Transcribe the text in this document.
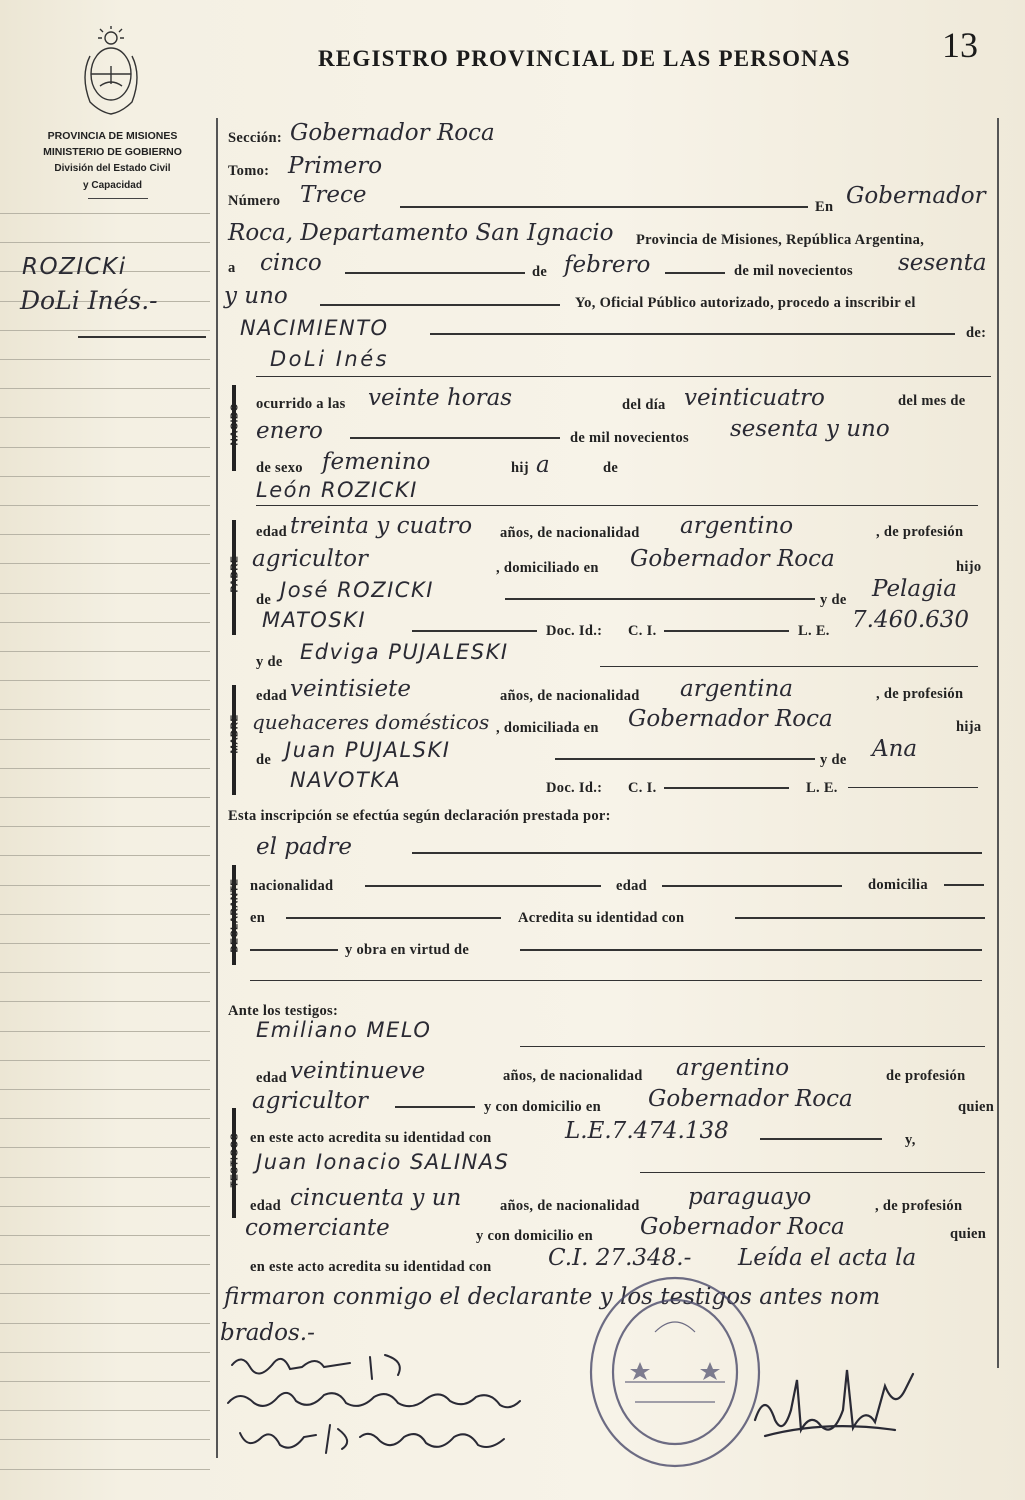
REGISTRO PROVINCIAL DE LAS PERSONAS	13
PROVINCIA DE MISIONES
MINISTERIO DE GOBIERNO
División del Estado Civil
y Capacidad
ROZICKi
DoLi Inés.-
Sección: Gobernador Roca
Tomo: Primero
Número Trece	En Gobernador
Roca, Departamento San Ignacio Provincia de Misiones, República Argentina,
a cinco	de febrero	de mil novecientos sesenta
y uno	Yo, Oficial Público autorizado, procedo a inscribir el
NACIMIENTO	de:
NACIDO
DoLi Inés
ocurrido a las veinte horas	del día veinticuatro	del mes de
enero	de mil novecientos sesenta y uno
de sexo femenino	hij a	de
PADRE
León ROZICKI
edad treinta y cuatro años, de nacionalidad argentino	, de profesión
agricultor	, domiciliado en Gobernador Roca	hijo
de José ROZICKI	y de Pelagia
MATOSKI	Doc. Id.: C. I.	L. E. 7.460.630
MADRE
y de Edviga PUJALESKI
edad veintisiete	años, de nacionalidad argentina	, de profesión
quehaceres domésticos , domiciliada en Gobernador Roca	hija
de Juan PUJALSKI	y de Ana
NAVOTKA	Doc. Id.: C. I.	L. E.
Esta inscripción se efectúa según declaración prestada por:
DECLARANTE
el padre
nacionalidad	edad	domicilia
en	Acredita su identidad con
y obra en virtud de
Ante los testigos:
TESTIGOS
Emiliano MELO
edad veintinueve	años, de nacionalidad argentino	de profesión
agricultor	y con domicilio en Gobernador Roca	quien
en este acto acredita su identidad con	L.E.7.474.138	y,
Juan Ionacio SALINAS
edad cincuenta y un	años, de nacionalidad paraguayo	, de profesión
comerciante	y con domicilio en Gobernador Roca	quien
en este acto acredita su identidad con C.I. 27.348.- Leída el acta la
firmaron conmigo el declarante y los testigos antes nom
brados.-
